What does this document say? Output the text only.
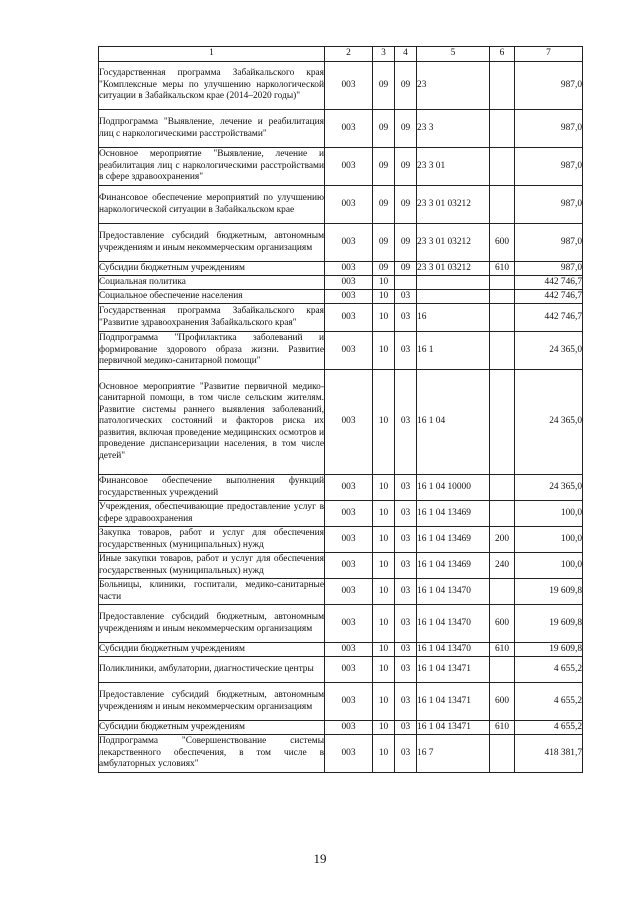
1	2	3	4	5	6	7
Государственная программа Забайкальского края "Комплексные меры по улучшению наркологической ситуации в Забайкальском крае (2014–2020 годы)"	003	09	09	23		987,0
Подпрограмма "Выявление, лечение и реабилитация лиц с наркологическими расстройствами"	003	09	09	23 3		987,0
Основное мероприятие "Выявление, лечение и реабилитация лиц с наркологическими расстройствами в сфере здравоохранения"	003	09	09	23 3 01		987,0
Финансовое обеспечение мероприятий по улучшению наркологической ситуации в Забайкальском крае	003	09	09	23 3 01 03212		987,0
Предоставление субсидий бюджетным, автономным учреждениям и иным некоммерческим организациям	003	09	09	23 3 01 03212	600	987,0
Субсидии бюджетным учреждениям	003	09	09	23 3 01 03212	610	987,0
Социальная политика	003	10				442 746,7
Социальное обеспечение населения	003	10	03			442 746,7
Государственная программа Забайкальского края "Развитие здравоохранения Забайкальского края"	003	10	03	16		442 746,7
Подпрограмма "Профилактика заболеваний и формирование здорового образа жизни. Развитие первичной медико-санитарной помощи"	003	10	03	16 1		24 365,0
Основное мероприятие "Развитие первичной медико-санитарной помощи, в том числе сельским жителям. Развитие системы раннего выявления заболеваний, патологических состояний и факторов риска их развития, включая проведение медицинских осмотров и проведение диспансеризации населения, в том числе детей"	003	10	03	16 1 04		24 365,0
Финансовое обеспечение выполнения функций государственных учреждений	003	10	03	16 1 04 10000		24 365,0
Учреждения, обеспечивающие предоставление услуг в сфере здравоохранения	003	10	03	16 1 04 13469		100,0
Закупка товаров, работ и услуг для обеспечения государственных (муниципальных) нужд	003	10	03	16 1 04 13469	200	100,0
Иные закупки товаров, работ и услуг для обеспечения государственных (муниципальных) нужд	003	10	03	16 1 04 13469	240	100,0
Больницы, клиники, госпитали, медико-санитарные части	003	10	03	16 1 04 13470		19 609,8
Предоставление субсидий бюджетным, автономным учреждениям и иным некоммерческим организациям	003	10	03	16 1 04 13470	600	19 609,8
Субсидии бюджетным учреждениям	003	10	03	16 1 04 13470	610	19 609,8
Поликлиники, амбулатории, диагностические центры	003	10	03	16 1 04 13471		4 655,2
Предоставление субсидий бюджетным, автономным учреждениям и иным некоммерческим организациям	003	10	03	16 1 04 13471	600	4 655,2
Субсидии бюджетным учреждениям	003	10	03	16 1 04 13471	610	4 655,2
Подпрограмма "Совершенствование системы лекарственного обеспечения, в том числе в амбулаторных условиях"	003	10	03	16 7		418 381,7
19
